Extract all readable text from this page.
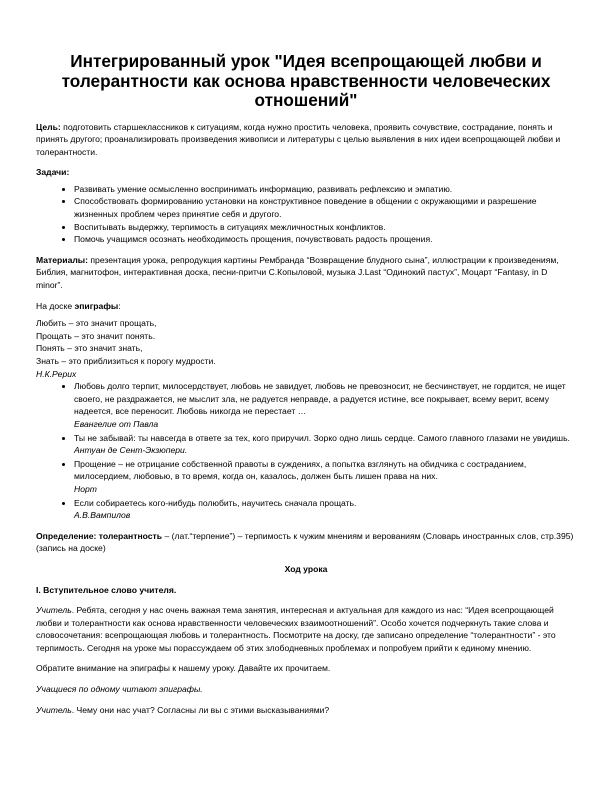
Интегрированный урок "Идея всепрощающей любви и толерантности как основа нравственности человеческих отношений"

Цель: подготовить старшеклассников к ситуациям, когда нужно простить человека, проявить сочувствие, сострадание, понять и принять другого; проанализировать произведения живописи и литературы с целью выявления в них идеи всепрощающей любви и толерантности.

Задачи:

• Развивать умение осмысленно воспринимать информацию, развивать рефлексию и эмпатию.
• Способствовать формированию установки на конструктивное поведение в общении с окружающими и разрешение жизненных проблем через принятие себя и другого.
• Воспитывать выдержку, терпимость в ситуациях межличностных конфликтов.
• Помочь учащимся осознать необходимость прощения, почувствовать радость прощения.

Материалы: презентация урока, репродукция картины Рембранда “Возвращение блудного сына”, иллюстрации к произведениям, Библия, магнитофон, интерактивная доска, песни-притчи С.Копыловой, музыка J.Last “Одинокий пастух”, Моцарт “Fantasy, in D minor”.

На доске эпиграфы:

Любить – это значит прощать,

Прощать – это значит понять.

Понять – это значит знать,

Знать – это приблизиться к порогу мудрости.

Н.К.Рерих

• Любовь долго терпит, милосердствует, любовь не завидует, любовь не превозносит, не бесчинствует, не гордится, не ищет своего, не раздражается, не мыслит зла, не радуется неправде, а радуется истине, все покрывает, всему верит, всему надеется, все переносит. Любовь никогда не перестает …
Евангелие от Павла
• Ты не забывай: ты навсегда в ответе за тех, кого приручил. Зорко одно лишь сердце. Самого главного глазами не увидишь.
Антуан де Сент-Экзюпери.
• Прощение – не отрицание собственной правоты в суждениях, а попытка взглянуть на обидчика с состраданием, милосердием, любовью, в то время, когда он, казалось, должен быть лишен права на них.
Норт
• Если собираетесь кого-нибудь полюбить, научитесь сначала прощать.
А.В.Вампилов

Определение: толерантность – (лат.“терпение”) – терпимость к чужим мнениям и верованиям (Словарь иностранных слов, стр.395) (запись на доске)

Ход урока

I. Вступительное слово учителя.

Учитель. Ребята, сегодня у нас очень важная тема занятия, интересная и актуальная для каждого из нас: “Идея всепрощающей любви и толерантности как основа нравственности человеческих взаимоотношений”. Особо хочется подчеркнуть такие слова и словосочетания: всепрощающая любовь и толерантность. Посмотрите на доску, где записано определение “толерантности” - это терпимость. Сегодня на уроке мы порассуждаем об этих злободневных проблемах и попробуем прийти к единому мнению.

Обратите внимание на эпиграфы к нашему уроку. Давайте их прочитаем.

Учащиеся по одному читают эпиграфы.

Учитель. Чему они нас учат? Согласны ли вы с этими высказываниями?
